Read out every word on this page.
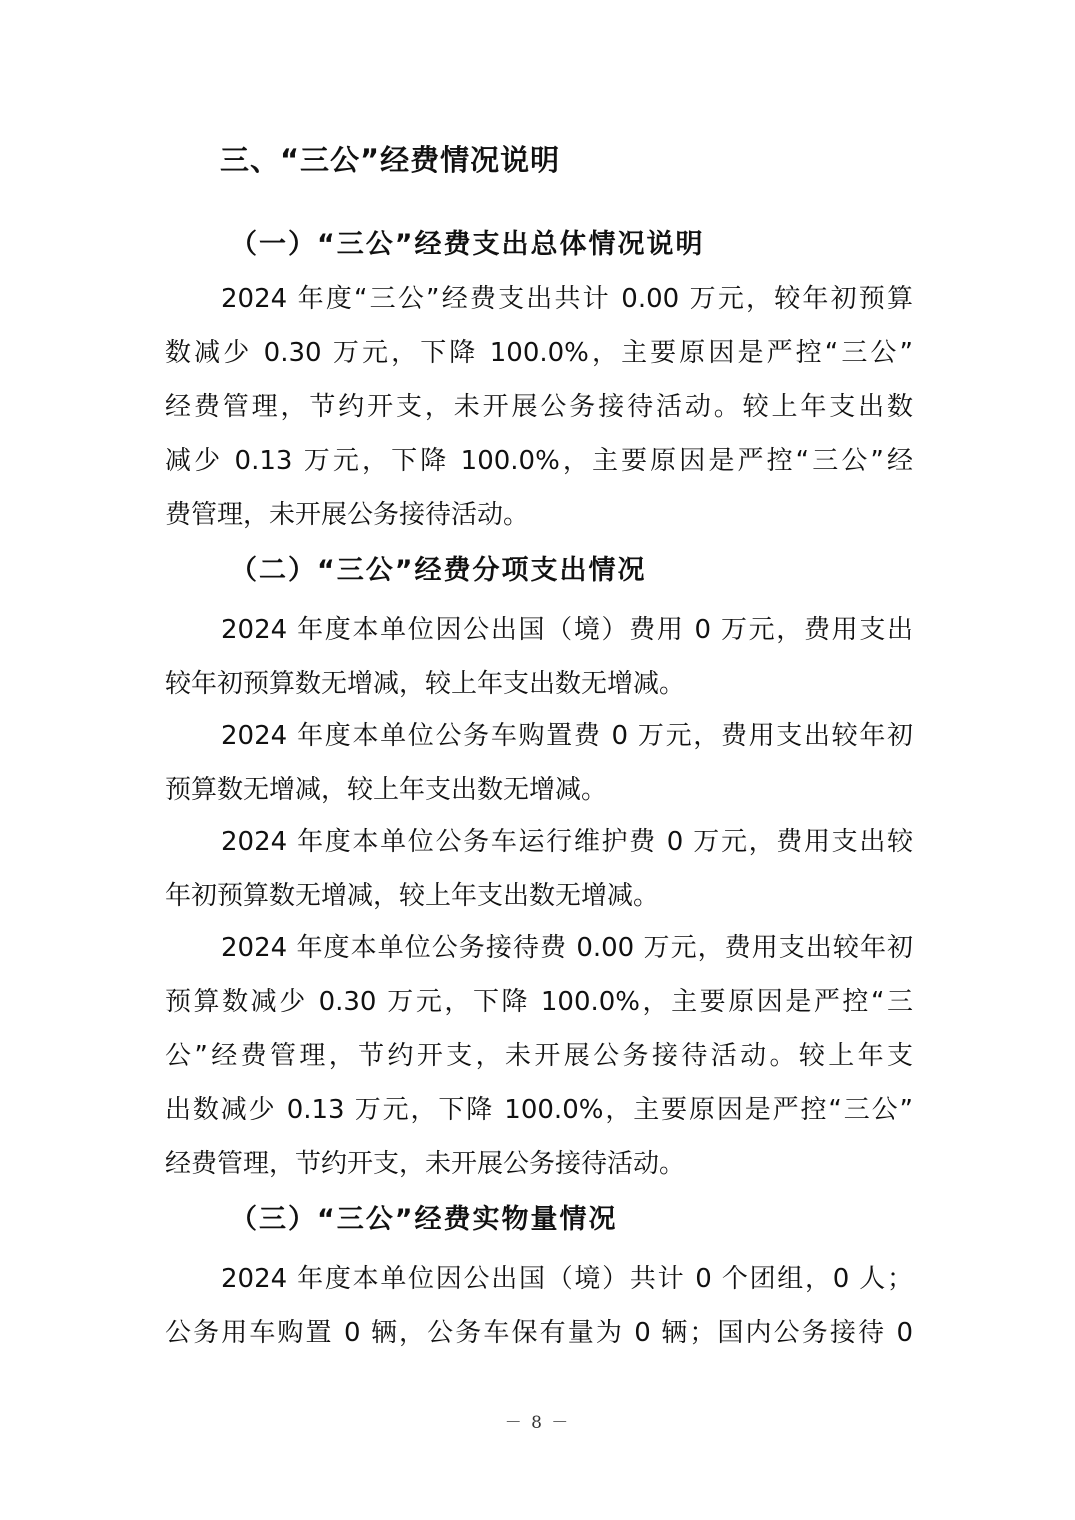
三、“三公”经费情况说明
（一）“三公”经费支出总体情况说明
2024 年度“三公”经费支出共计 0.00 万元，较年初预算
数减少 0.30 万元，下降 100.0%，主要原因是严控“三公”
经费管理，节约开支，未开展公务接待活动。较上年支出数
减少 0.13 万元，下降 100.0%，主要原因是严控“三公”经
费管理，未开展公务接待活动。
（二）“三公”经费分项支出情况
2024 年度本单位因公出国（境）费用 0 万元，费用支出
较年初预算数无增减，较上年支出数无增减。
2024 年度本单位公务车购置费 0 万元，费用支出较年初
预算数无增减，较上年支出数无增减。
2024 年度本单位公务车运行维护费 0 万元，费用支出较
年初预算数无增减，较上年支出数无增减。
2024 年度本单位公务接待费 0.00 万元，费用支出较年初
预算数减少 0.30 万元，下降 100.0%，主要原因是严控“三
公”经费管理，节约开支，未开展公务接待活动。较上年支
出数减少 0.13 万元，下降 100.0%，主要原因是严控“三公”
经费管理，节约开支，未开展公务接待活动。
（三）“三公”经费实物量情况
2024 年度本单位因公出国（境）共计 0 个团组，0 人；
公务用车购置 0 辆，公务车保有量为 0 辆；国内公务接待 0
－ 8 －
